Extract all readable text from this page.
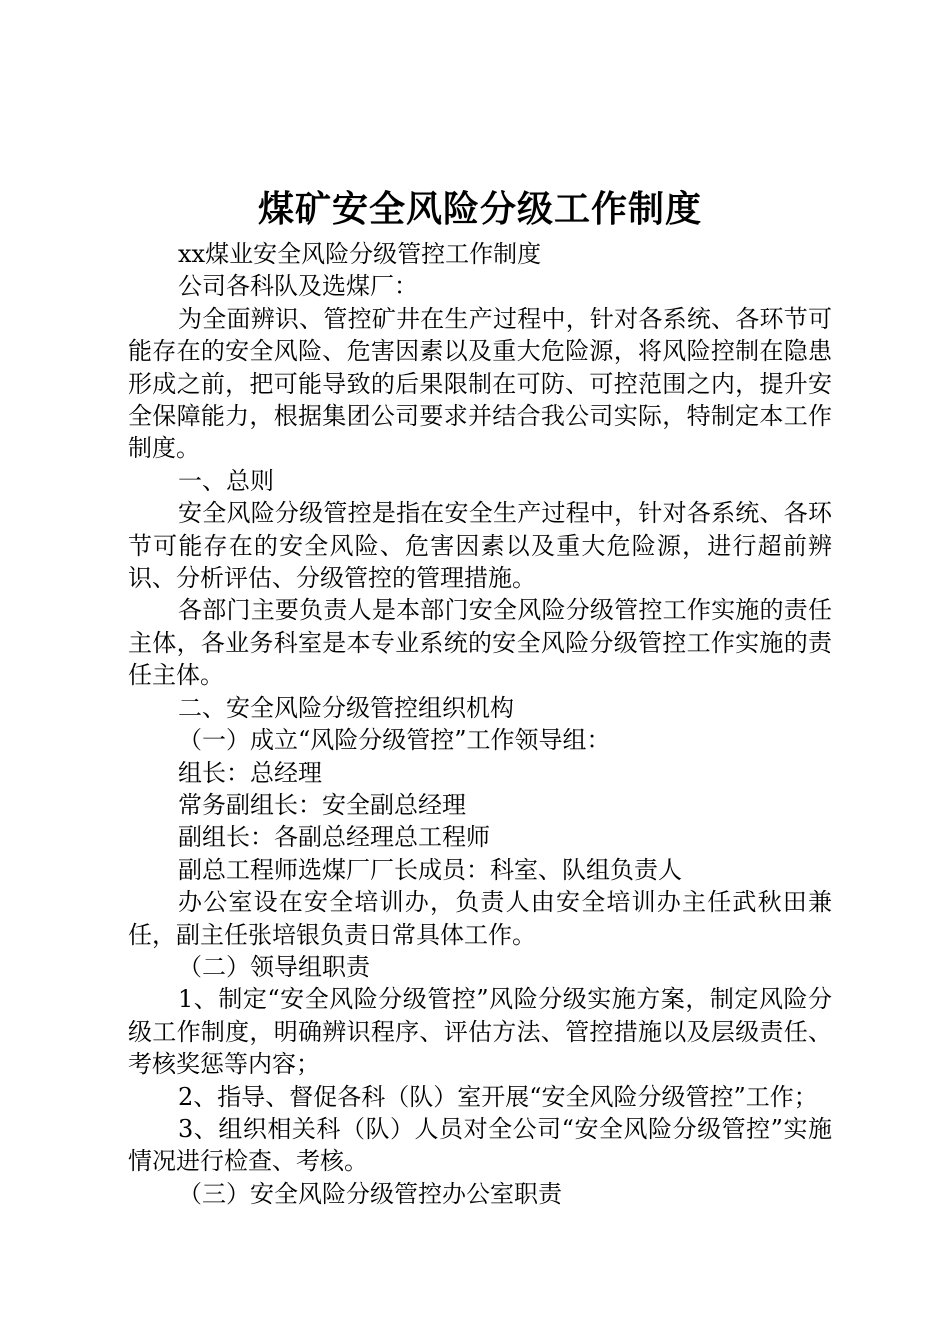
煤矿安全风险分级工作制度

xx煤业安全风险分级管控工作制度

公司各科队及选煤厂：

为全面辨识、管控矿井在生产过程中，针对各系统、各环节可能存在的安全风险、危害因素以及重大危险源，将风险控制在隐患形成之前，把可能导致的后果限制在可防、可控范围之内，提升安全保障能力，根据集团公司要求并结合我公司实际，特制定本工作制度。

一、总则

安全风险分级管控是指在安全生产过程中，针对各系统、各环节可能存在的安全风险、危害因素以及重大危险源，进行超前辨识、分析评估、分级管控的管理措施。

各部门主要负责人是本部门安全风险分级管控工作实施的责任主体，各业务科室是本专业系统的安全风险分级管控工作实施的责任主体。

二、安全风险分级管控组织机构

（一）成立“风险分级管控”工作领导组：

组长：总经理

常务副组长：安全副总经理

副组长：各副总经理总工程师

副总工程师选煤厂厂长成员：科室、队组负责人

办公室设在安全培训办，负责人由安全培训办主任武秋田兼任，副主任张培银负责日常具体工作。

（二）领导组职责

1、制定“安全风险分级管控”风险分级实施方案，制定风险分级工作制度，明确辨识程序、评估方法、管控措施以及层级责任、考核奖惩等内容；

2、指导、督促各科（队）室开展“安全风险分级管控”工作；

3、组织相关科（队）人员对全公司“安全风险分级管控”实施情况进行检查、考核。

（三）安全风险分级管控办公室职责
